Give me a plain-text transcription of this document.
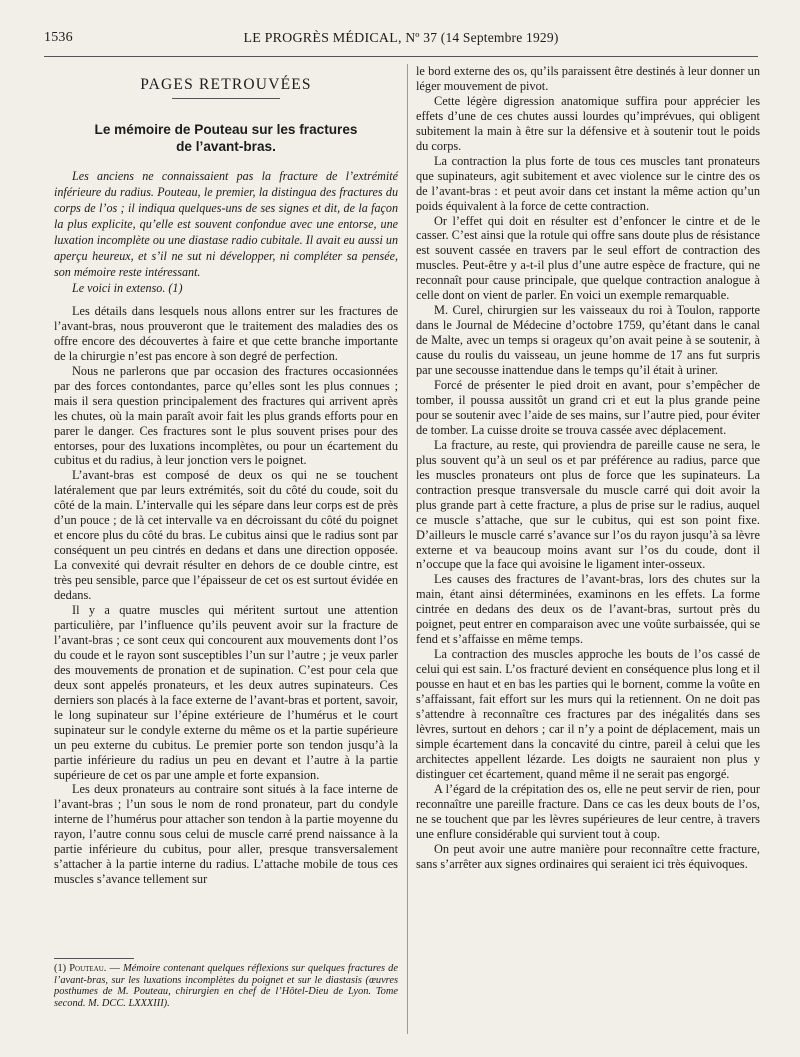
1536	LE PROGRÈS MÉDICAL, Nº 37 (14 Septembre 1929)
PAGES RETROUVÉES
Le mémoire de Pouteau sur les fractures
de l’avant-bras.

Les anciens ne connaissaient pas la fracture de l’extrémité inférieure du radius. Pouteau, le premier, la distingua des fractures du corps de l’os ; il indiqua quelques-uns de ses signes et dit, de la façon la plus explicite, qu’elle est souvent confondue avec une entorse, une luxation incomplète ou une diastase radio cubitale. Il avait eu aussi un aperçu heureux, et s’il ne sut ni développer, ni compléter sa pensée, son mémoire reste intéressant.

Le voici in extenso. (1)

Les détails dans lesquels nous allons entrer sur les fractures de l’avant-bras, nous prouveront que le traitement des maladies des os offre encore des découvertes à faire et que cette branche importante de la chirurgie n’est pas encore à son degré de perfection.

Nous ne parlerons que par occasion des fractures occasionnées par des forces contondantes, parce qu’elles sont les plus connues ; mais il sera question principalement des fractures qui arrivent après les chutes, où la main paraît avoir fait les plus grands efforts pour en parer le danger. Ces fractures sont le plus souvent prises pour des entorses, pour des luxations incomplètes, ou pour un écartement du cubitus et du radius, à leur jonction vers le poignet.

L’avant-bras est composé de deux os qui ne se touchent latéralement que par leurs extrémités, soit du côté du coude, soit du côté de la main. L’intervalle qui les sépare dans leur corps est de près d’un pouce ; de là cet intervalle va en décroissant du côté du poignet et encore plus du côté du bras. Le cubitus ainsi que le radius sont par conséquent un peu cintrés en dedans et dans une direction opposée. La convexité qui devrait résulter en dehors de ce double cintre, est très peu sensible, parce que l’épaisseur de cet os est surtout évidée en dedans.

Il y a quatre muscles qui méritent surtout une attention particulière, par l’influence qu’ils peuvent avoir sur la fracture de l’avant-bras ; ce sont ceux qui concourent aux mouvements dont l’os du coude et le rayon sont susceptibles l’un sur l’autre ; je veux parler des mouvements de pronation et de supination. C’est pour cela que deux sont appelés pronateurs, et les deux autres supinateurs. Ces derniers son placés à la face externe de l’avant-bras et portent, savoir, le long supinateur sur l’épine extérieure de l’humérus et le court supinateur sur le condyle externe du même os et la partie supérieure un peu externe du cubitus. Le premier porte son tendon jusqu’à la partie inférieure du radius un peu en devant et l’autre à la partie supérieure de cet os par une ample et forte expansion.

Les deux pronateurs au contraire sont situés à la face interne de l’avant-bras ; l’un sous le nom de rond pronateur, part du condyle interne de l’humérus pour attacher son tendon à la partie moyenne du rayon, l’autre connu sous celui de muscle carré prend naissance à la partie inférieure du cubitus, pour aller, presque transversalement s’attacher à la partie interne du radius. L’attache mobile de tous ces muscles s’avance tellement sur

le bord externe des os, qu’ils paraissent être destinés à leur donner un léger mouvement de pivot.

Cette légère digression anatomique suffira pour apprécier les effets d’une de ces chutes aussi lourdes qu’imprévues, qui obligent subitement la main à être sur la défensive et à soutenir tout le poids du corps.

La contraction la plus forte de tous ces muscles tant pronateurs que supinateurs, agit subitement et avec violence sur le cintre des os de l’avant-bras : et peut avoir dans cet instant la même action qu’un poids équivalent à la force de cette contraction.

Or l’effet qui doit en résulter est d’enfoncer le cintre et de le casser. C’est ainsi que la rotule qui offre sans doute plus de résistance est souvent cassée en travers par le seul effort de contraction des muscles. Peut-être y a-t-il plus d’une autre espèce de fracture, qui ne reconnaît pour cause principale, que quelque contraction analogue à celle dont on vient de parler. En voici un exemple remarquable.

M. Curel, chirurgien sur les vaisseaux du roi à Toulon, rapporte dans le Journal de Médecine d’octobre 1759, qu’étant dans le canal de Malte, avec un temps si orageux qu’on avait peine à se soutenir, à cause du roulis du vaisseau, un jeune homme de 17 ans fut surpris par une secousse inattendue dans le temps qu’il était à uriner.

Forcé de présenter le pied droit en avant, pour s’empêcher de tomber, il poussa aussitôt un grand cri et eut la plus grande peine pour se soutenir avec l’aide de ses mains, sur l’autre pied, pour éviter de tomber. La cuisse droite se trouva cassée avec déplacement.

La fracture, au reste, qui proviendra de pareille cause ne sera, le plus souvent qu’à un seul os et par préférence au radius, parce que les muscles pronateurs ont plus de force que les supinateurs. La contraction presque transversale du muscle carré qui doit avoir la plus grande part à cette fracture, a plus de prise sur le radius, auquel ce muscle s’attache, que sur le cubitus, qui est son point fixe. D’ailleurs le muscle carré s’avance sur l’os du rayon jusqu’à sa lèvre externe et va beaucoup moins avant sur l’os du coude, dont il n’occupe que la face qui avoisine le ligament inter-osseux.

Les causes des fractures de l’avant-bras, lors des chutes sur la main, étant ainsi déterminées, examinons en les effets. La forme cintrée en dedans des deux os de l’avant-bras, surtout près du poignet, peut entrer en comparaison avec une voûte surbaissée, qui se fend et s’affaisse en même temps.

La contraction des muscles approche les bouts de l’os cassé de celui qui est sain. L’os fracturé devient en conséquence plus long et il pousse en haut et en bas les parties qui le bornent, comme la voûte en s’affaissant, fait effort sur les murs qui la retiennent. On ne doit pas s’attendre à reconnaître ces fractures par des inégalités dans ses lèvres, surtout en dehors ; car il n’y a point de déplacement, mais un simple écartement dans la concavité du cintre, pareil à celui que les architectes appellent lézarde. Les doigts ne sauraient non plus y distinguer cet écartement, quand même il ne serait pas engorgé.

A l’égard de la crépitation des os, elle ne peut servir de rien, pour reconnaître une pareille fracture. Dans ce cas les deux bouts de l’os, ne se touchent que par les lèvres supérieures de leur centre, à travers une enflure considérable qui survient tout à coup.

On peut avoir une autre manière pour reconnaître cette fracture, sans s’arrêter aux signes ordinaires qui seraient ici très équivoques.

(1) Pouteau. — Mémoire contenant quelques réflexions sur quelques fractures de l’avant-bras, sur les luxations incomplètes du poignet et sur le diastasis (œuvres posthumes de M. Pouteau, chirurgien en chef de l’Hôtel-Dieu de Lyon. Tome second. M. DCC. LXXXIII).
